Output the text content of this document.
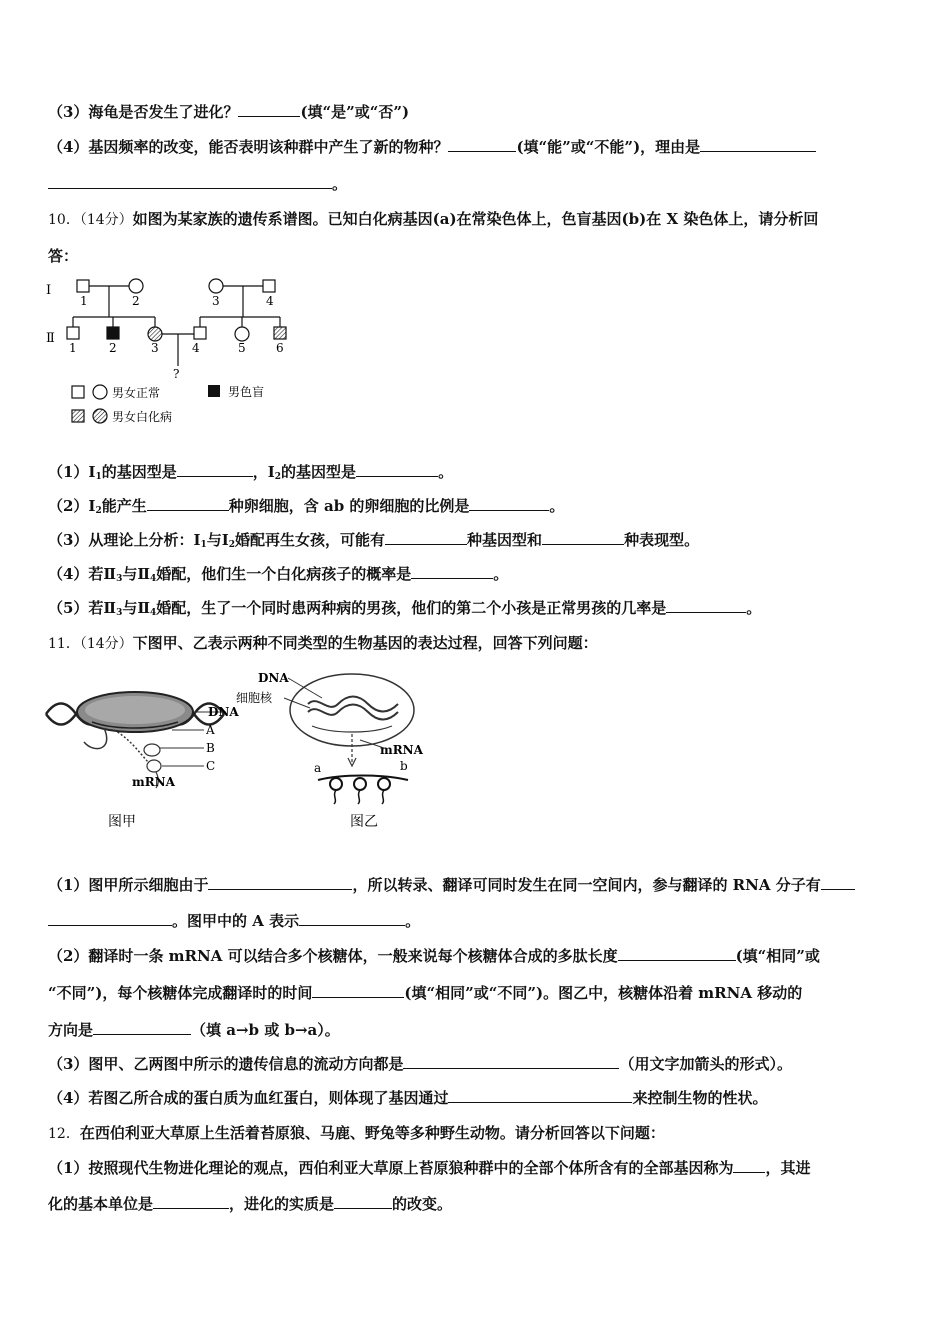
（3）海龟是否发生了进化？	(填“是”或“否”)
（4）基因频率的改变，能否表明该种群中产生了新的物种？	(填“能”或“不能”)，理由是
。
10．（14分）如图为某家族的遗传系谱图。已知白化病基因(a)在常染色体上，色盲基因(b)在 X 染色体上，请分析回
答：
Ⅰ
Ⅱ
1	2	3	4
?
1	2	3	4	5	6
男女正常	男色盲
男女白化病
$(1)Ⅰ_1$的基因型是	，$Ⅰ_2$的基因型是	。
$(2)Ⅰ_2$能产生	种卵细胞，含 ab 的卵细胞的比例是	。
（3）从理论上分析：$Ⅰ_1$与$Ⅰ_2$婚配再生女孩，可能有	种基因型和	种表现型。
（4）若$Ⅱ_3$与$Ⅱ_4$婚配，他们生一个白化病孩子的概率是	。
（5）若$Ⅱ_3$与$Ⅱ_4$婚配，生了一个同时患两种病的男孩，他们的第二个小孩是正常男孩的几率是	。
11．（14分）下图甲、乙表示两种不同类型的生物基因的表达过程，回答下列问题：
DNA
A
B
C
mRNA
图甲
DNA
细胞核
mRNA
a	b
图乙
（1）图甲所示细胞由于	，所以转录、翻译可同时发生在同一空间内，参与翻译的 RNA 分子有
。图甲中的 A 表示	。
（2）翻译时一条 mRNA 可以结合多个核糖体，一般来说每个核糖体合成的多肽长度	(填“相同”或
“不同”)，每个核糖体完成翻译时的时间	(填“相同”或“不同”)。图乙中，核糖体沿着 mRNA 移动的
方向是	（填 a→b 或 b→a）。
（3）图甲、乙两图中所示的遗传信息的流动方向都是	（用文字加箭头的形式）。
（4）若图乙所合成的蛋白质为血红蛋白，则体现了基因通过	来控制生物的性状。
12．在西伯利亚大草原上生活着苔原狼、马鹿、野兔等多种野生动物。请分析回答以下问题：
（1）按照现代生物进化理论的观点，西伯利亚大草原上苔原狼种群中的全部个体所含有的全部基因称为 ，其进
化的基本单位是	，进化的实质是	的改变。
